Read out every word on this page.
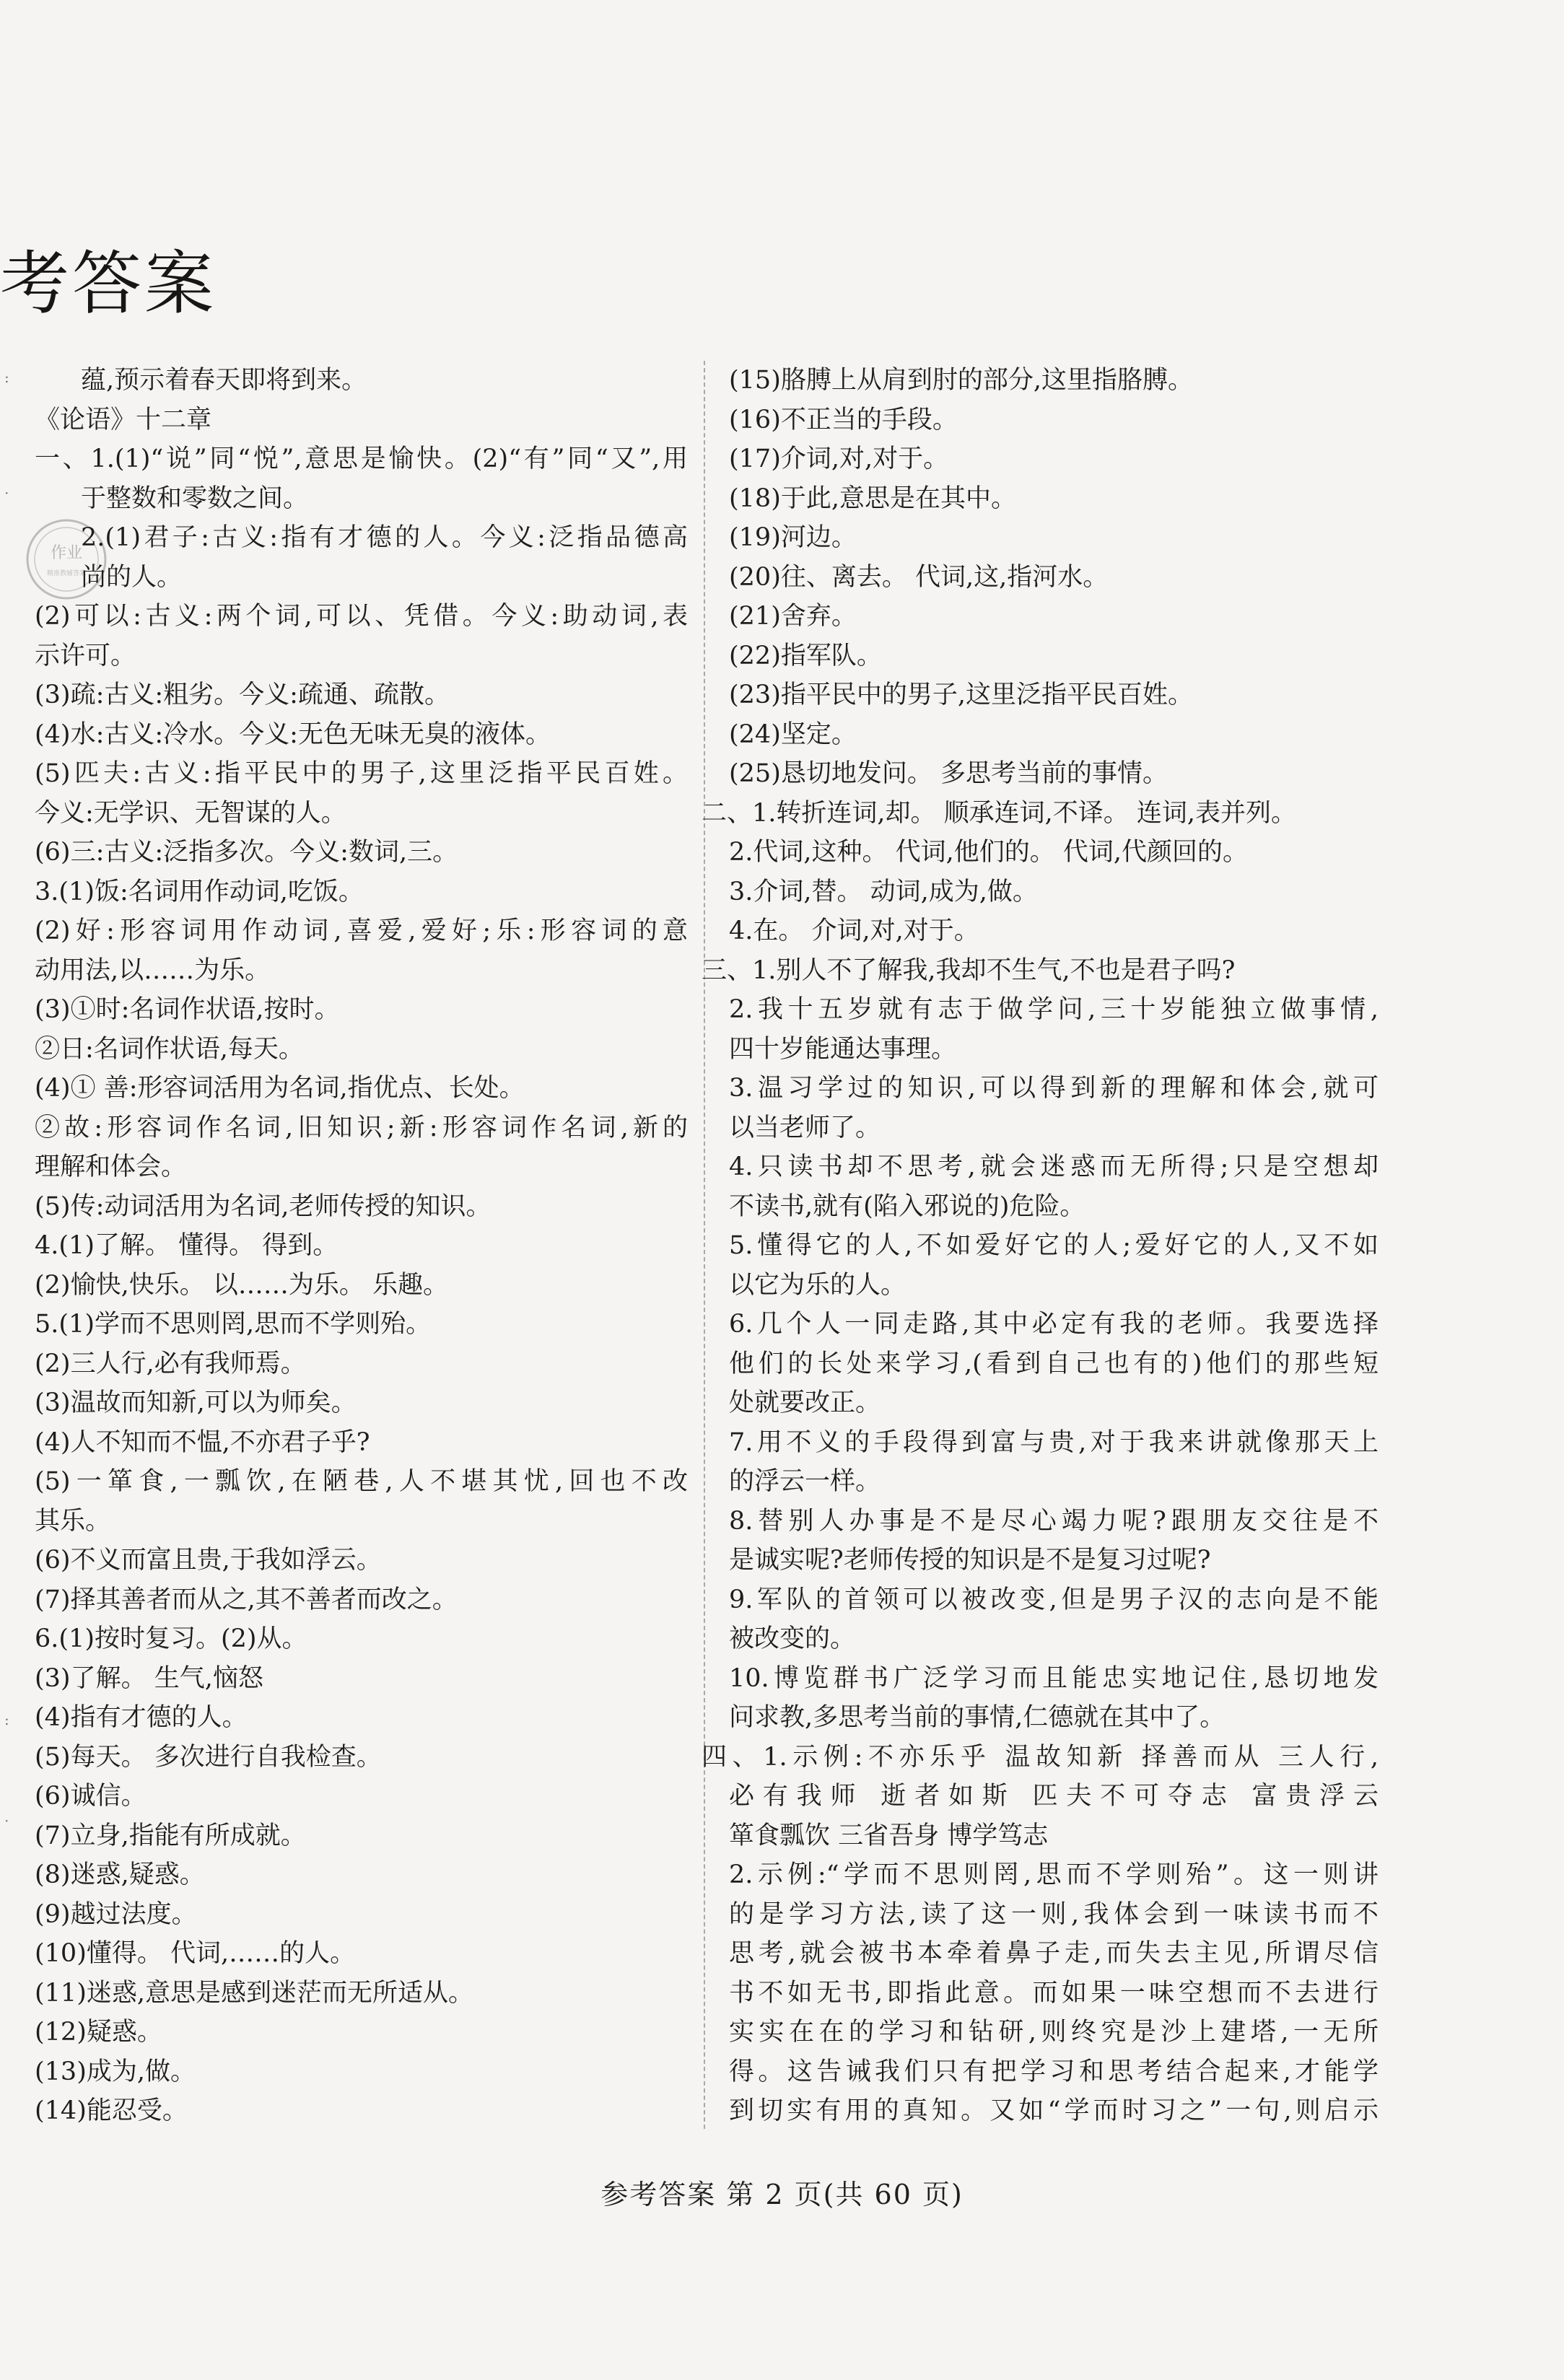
考答案
作业
精准教辅答案
:
·
:
·
蕴,预示着春天即将到来。
《论语》十二章
一、1.(1)“说”同“悦”,意思是愉快。(2)“有”同“又”,用
于整数和零数之间。
2.(1)君子:古义:指有才德的人。今义:泛指品德高
尚的人。
(2)可以:古义:两个词,可以、凭借。今义:助动词,表
示许可。
(3)疏:古义:粗劣。今义:疏通、疏散。
(4)水:古义:冷水。今义:无色无味无臭的液体。
(5)匹夫:古义:指平民中的男子,这里泛指平民百姓。
今义:无学识、无智谋的人。
(6)三:古义:泛指多次。今义:数词,三。
3.(1)饭:名词用作动词,吃饭。
(2)好:形容词用作动词,喜爱,爱好;乐:形容词的意
动用法,以……为乐。
(3)①时:名词作状语,按时。
②日:名词作状语,每天。
(4)① 善:形容词活用为名词,指优点、长处。
②故:形容词作名词,旧知识;新:形容词作名词,新的
理解和体会。
(5)传:动词活用为名词,老师传授的知识。
4.(1)了解。 懂得。 得到。
(2)愉快,快乐。 以……为乐。 乐趣。
5.(1)学而不思则罔,思而不学则殆。
(2)三人行,必有我师焉。
(3)温故而知新,可以为师矣。
(4)人不知而不愠,不亦君子乎?
(5)一箪食,一瓢饮,在陋巷,人不堪其忧,回也不改
其乐。
(6)不义而富且贵,于我如浮云。
(7)择其善者而从之,其不善者而改之。
6.(1)按时复习。(2)从。
(3)了解。 生气,恼怒
(4)指有才德的人。
(5)每天。 多次进行自我检查。
(6)诚信。
(7)立身,指能有所成就。
(8)迷惑,疑惑。
(9)越过法度。
(10)懂得。 代词,……的人。
(11)迷惑,意思是感到迷茫而无所适从。
(12)疑惑。
(13)成为,做。
(14)能忍受。
(15)胳膊上从肩到肘的部分,这里指胳膊。
(16)不正当的手段。
(17)介词,对,对于。
(18)于此,意思是在其中。
(19)河边。
(20)往、离去。 代词,这,指河水。
(21)舍弃。
(22)指军队。
(23)指平民中的男子,这里泛指平民百姓。
(24)坚定。
(25)恳切地发问。 多思考当前的事情。
二、1.转折连词,却。 顺承连词,不译。 连词,表并列。
2.代词,这种。 代词,他们的。 代词,代颜回的。
3.介词,替。 动词,成为,做。
4.在。 介词,对,对于。
三、1.别人不了解我,我却不生气,不也是君子吗?
2.我十五岁就有志于做学问,三十岁能独立做事情,
四十岁能通达事理。
3.温习学过的知识,可以得到新的理解和体会,就可
以当老师了。
4.只读书却不思考,就会迷惑而无所得;只是空想却
不读书,就有(陷入邪说的)危险。
5.懂得它的人,不如爱好它的人;爱好它的人,又不如
以它为乐的人。
6.几个人一同走路,其中必定有我的老师。我要选择
他们的长处来学习,(看到自己也有的)他们的那些短
处就要改正。
7.用不义的手段得到富与贵,对于我来讲就像那天上
的浮云一样。
8.替别人办事是不是尽心竭力呢?跟朋友交往是不
是诚实呢?老师传授的知识是不是复习过呢?
9.军队的首领可以被改变,但是男子汉的志向是不能
被改变的。
10.博览群书广泛学习而且能忠实地记住,恳切地发
问求教,多思考当前的事情,仁德就在其中了。
四、1.示例:不亦乐乎 温故知新 择善而从 三人行,
必有我师 逝者如斯 匹夫不可夺志 富贵浮云
箪食瓢饮 三省吾身 博学笃志
2.示例:“学而不思则罔,思而不学则殆”。这一则讲
的是学习方法,读了这一则,我体会到一味读书而不
思考,就会被书本牵着鼻子走,而失去主见,所谓尽信
书不如无书,即指此意。而如果一味空想而不去进行
实实在在的学习和钻研,则终究是沙上建塔,一无所
得。这告诫我们只有把学习和思考结合起来,才能学
到切实有用的真知。又如“学而时习之”一句,则启示
参考答案 第 2 页(共 60 页)
